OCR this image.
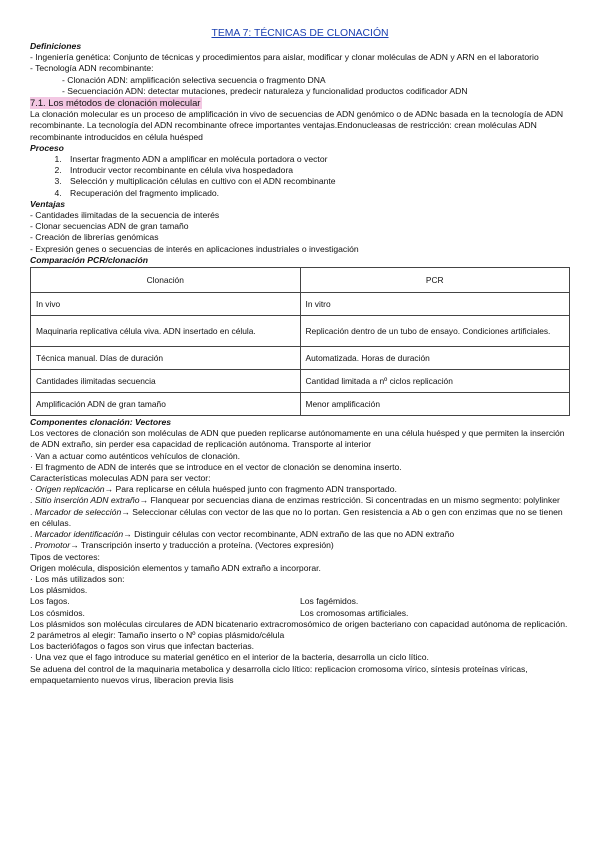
TEMA 7: TÉCNICAS DE CLONACIÓN
Definiciones

- Ingeniería genética: Conjunto de técnicas y procedimientos para aislar, modificar y clonar moléculas de ADN y ARN en el laboratorio

- Tecnología ADN recombinante:

- Clonación ADN: amplificación selectiva secuencia o fragmento DNA

- Secuenciación ADN: detectar mutaciones, predecir naturaleza y funcionalidad productos codificador ADN

7.1. Los métodos de clonación molecular

La clonación molecular es un proceso de amplificación in vivo de secuencias de ADN genómico o de ADNc basada en la tecnología de ADN recombinante. La tecnología del ADN recombinante ofrece importantes ventajas.Endonucleasas de restricción: crean moléculas ADN recombinante introducidos en célula huésped

Proceso
1. Insertar fragmento ADN a amplificar en molécula portadora o vector
2. Introducir vector recombinante en célula viva hospedadora
3. Selección y multiplicación células en cultivo con el ADN recombinante
4. Recuperación del fragmento implicado.
Ventajas

- Cantidades ilimitadas de la secuencia de interés

- Clonar secuencias ADN de gran tamaño

- Creación de librerías genómicas

- Expresión genes o secuencias de interés en aplicaciones industriales o investigación

Comparación PCR/clonación
Clonación	PCR
In vivo	In vitro
Maquinaria replicativa célula viva. ADN insertado en célula.	Replicación dentro de un tubo de ensayo. Condiciones artificiales.
Técnica manual. Días de duración	Automatizada. Horas de duración
Cantidades ilimitadas secuencia	Cantidad limitada a nº ciclos replicación
Amplificación ADN de gran tamaño	Menor amplificación
Componentes clonación: Vectores

Los vectores de clonación son moléculas de ADN que pueden replicarse autónomamente en una célula huésped y que permiten la inserción de ADN extraño, sin perder esa capacidad de replicación autónoma. Transporte al interior

· Van a actuar como auténticos vehículos de clonación.

· El fragmento de ADN de interés que se introduce en el vector de clonación se denomina inserto.

Características moleculas ADN para ser vector:

· Origen replicación→ Para replicarse en célula huésped junto con fragmento ADN transportado.

. Sitio inserción ADN extraño→ Flanquear por secuencias diana de enzimas restricción. Si concentradas en un mismo segmento: polylinker

. Marcador de selección→ Seleccionar células con vector de las que no lo portan. Gen resistencia a Ab o gen con enzimas que no se tienen en células.

. Marcador identificación→ Distinguir células con vector recombinante, ADN extraño de las que no ADN extraño

. Promotor→ Transcripción inserto y traducción a proteína. (Vectores expresión)

Tipos de vectores:

Origen molécula, disposición elementos y tamaño ADN extraño a incorporar.

· Los más utilizados son:

Los plásmidos.

Los fagos.	Los fagémidos.
Los cósmidos.	Los cromosomas artificiales.

Los plásmidos son moléculas circulares de ADN bicatenario extracromosómico de origen bacteriano con capacidad autónoma de replicación.

2 parámetros al elegir: Tamaño inserto o Nº copias plásmido/célula

Los bacteriófagos o fagos son virus que infectan bacterias.

· Una vez que el fago introduce su material genético en el interior de la bacteria, desarrolla un ciclo lítico.

Se aduena del control de la maquinaria metabolica y desarrolla ciclo lítico: replicacion cromosoma vírico, síntesis proteínas víricas, empaquetamiento nuevos virus, liberacion previa lisis
